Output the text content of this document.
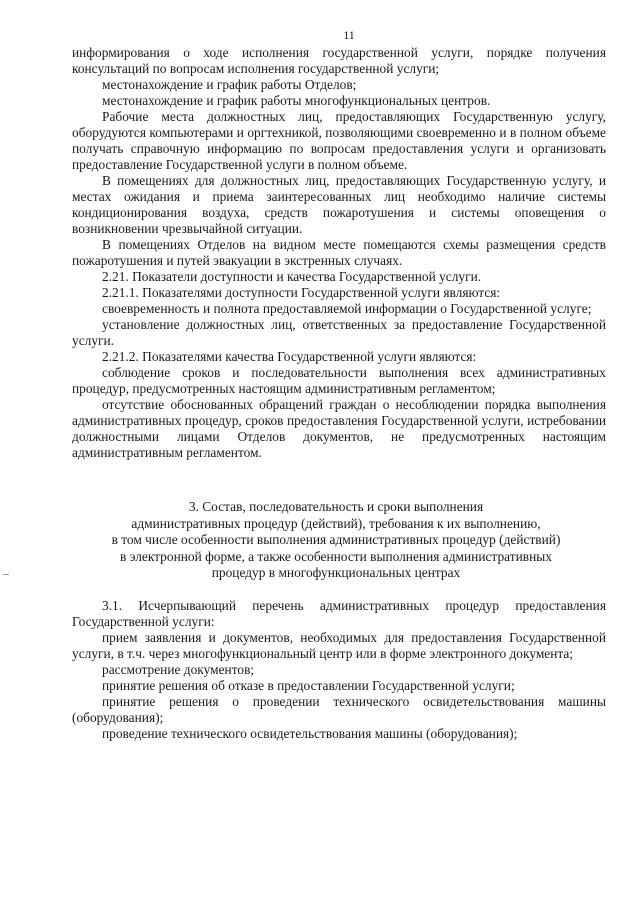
11

информирования о ходе исполнения государственной услуги, порядке получения консультаций по вопросам исполнения государственной услуги;

местонахождение и график работы Отделов;

местонахождение и график работы многофункциональных центров.

Рабочие места должностных лиц, предоставляющих Государственную услугу, оборудуются компьютерами и оргтехникой, позволяющими своевременно и в полном объеме получать справочную информацию по вопросам предоставления услуги и организовать предоставление Государственной услуги в полном объеме.

В помещениях для должностных лиц, предоставляющих Государственную услугу, и местах ожидания и приема заинтересованных лиц необходимо наличие системы кондиционирования воздуха, средств пожаротушения и системы оповещения о возникновении чрезвычайной ситуации.

В помещениях Отделов на видном месте помещаются схемы размещения средств пожаротушения и путей эвакуации в экстренных случаях.

2.21. Показатели доступности и качества Государственной услуги.

2.21.1. Показателями доступности Государственной услуги являются:

своевременность и полнота предоставляемой информации о Государственной услуге;

установление должностных лиц, ответственных за предоставление Государственной услуги.

2.21.2. Показателями качества Государственной услуги являются:

соблюдение сроков и последовательности выполнения всех административных процедур, предусмотренных настоящим административным регламентом;

отсутствие обоснованных обращений граждан о несоблюдении порядка выполнения административных процедур, сроков предоставления Государственной услуги, истребовании должностными лицами Отделов документов, не предусмотренных настоящим административным регламентом.

3. Состав, последовательность и сроки выполнения
административных процедур (действий), требования к их выполнению,
в том числе особенности выполнения административных процедур (действий)
в электронной форме, а также особенности выполнения административных
процедур в многофункциональных центрах

3.1. Исчерпывающий перечень административных процедур предоставления Государственной услуги:

прием заявления и документов, необходимых для предоставления Государственной услуги, в т.ч. через многофункциональный центр или в форме электронного документа;

рассмотрение документов;

принятие решения об отказе в предоставлении Государственной услуги;

принятие решения о проведении технического освидетельствования машины (оборудования);

проведение технического освидетельствования машины (оборудования);
